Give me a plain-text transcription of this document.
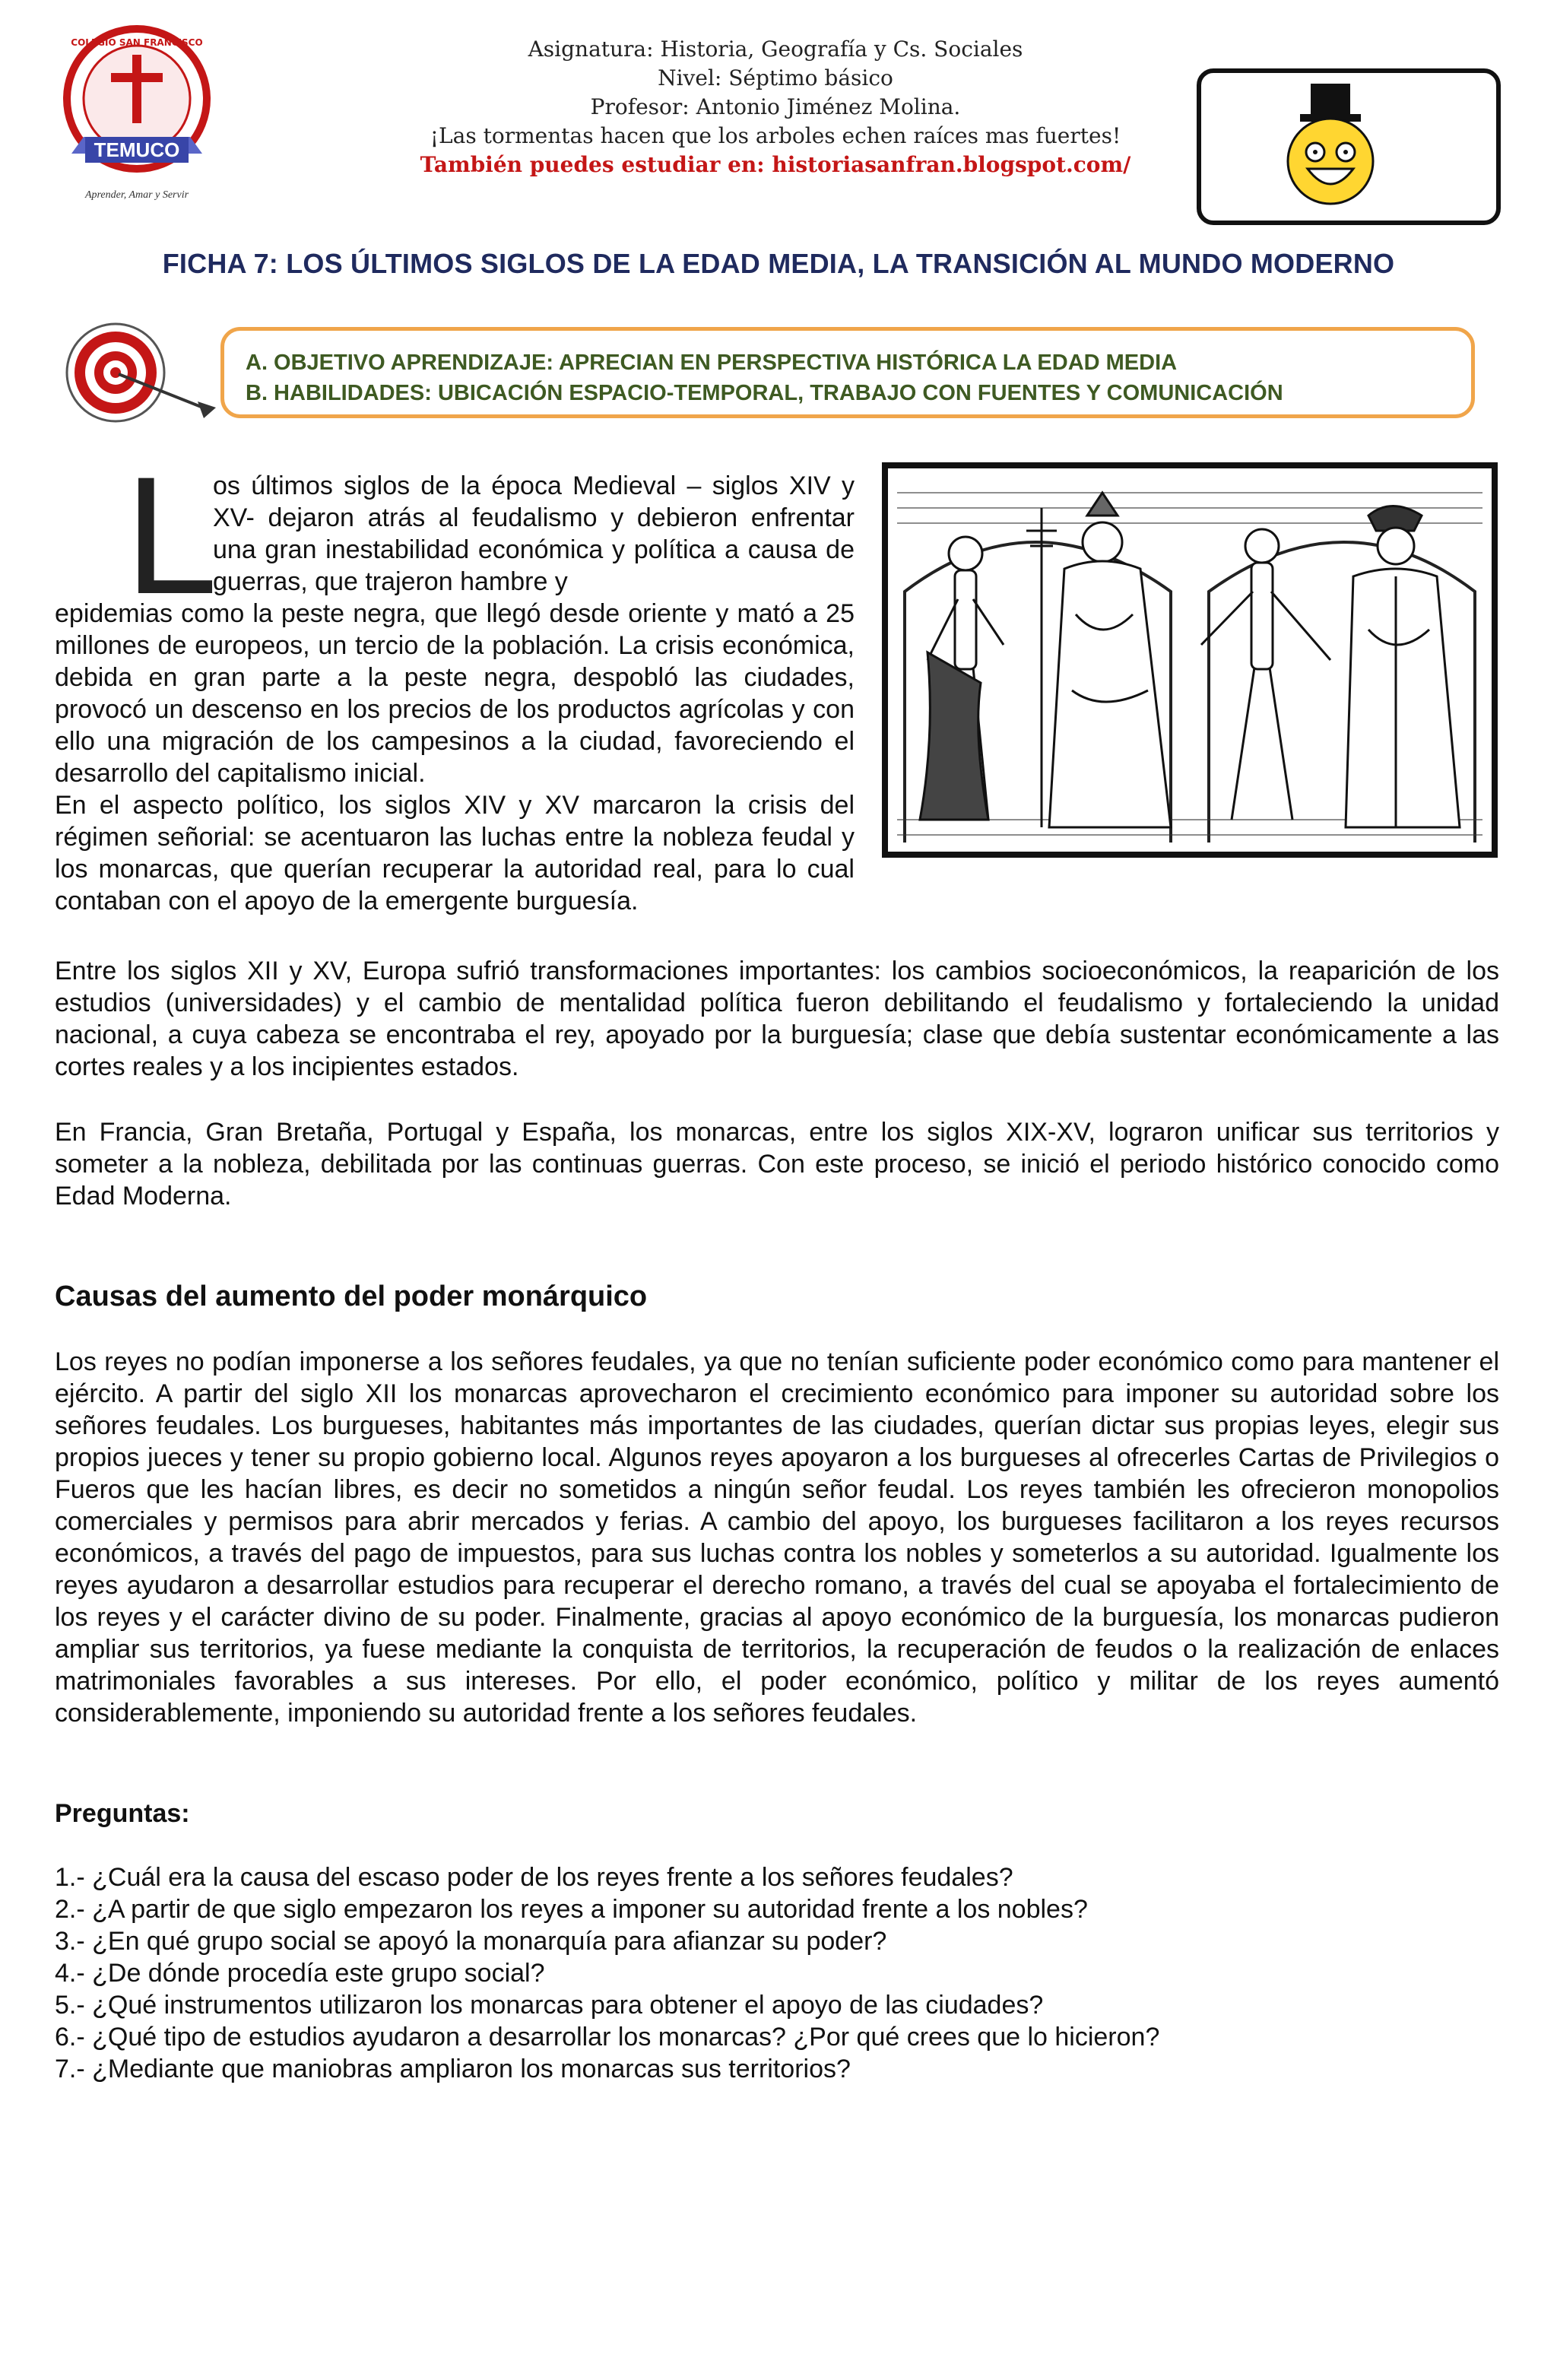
COLEGIO SAN FRANCISCO
TEMUCO
Aprender, Amar y Servir
Asignatura: Historia, Geografía y Cs. Sociales
Nivel: Séptimo básico
Profesor: Antonio Jiménez Molina.
¡Las tormentas hacen que los arboles echen raíces mas fuertes!
También puedes estudiar en: historiasanfran.blogspot.com/
FICHA 7: LOS ÚLTIMOS SIGLOS DE LA EDAD MEDIA, LA TRANSICIÓN AL MUNDO MODERNO
A. OBJETIVO APRENDIZAJE: APRECIAN EN PERSPECTIVA HISTÓRICA LA EDAD MEDIA
B. HABILIDADES: UBICACIÓN ESPACIO-TEMPORAL, TRABAJO CON FUENTES Y COMUNICACIÓN
L
os últimos siglos de la época Medieval – siglos XIV y XV- dejaron atrás al feudalismo y debieron enfrentar una gran inestabilidad económica y política a causa de guerras, que trajeron hambre y
epidemias como la peste negra, que llegó desde oriente y mató a 25 millones de europeos, un tercio de la población. La crisis económica, debida en gran parte a la peste negra, despobló las ciudades, provocó un descenso en los precios de los productos agrícolas y con ello una migración de los campesinos a la ciudad, favoreciendo el desarrollo del capitalismo inicial.
En el aspecto político, los siglos XIV y XV marcaron la crisis del régimen señorial: se acentuaron las luchas entre la nobleza feudal y los monarcas, que querían recuperar la autoridad real, para lo cual contaban con el apoyo de la emergente burguesía.
Entre los siglos XII y XV, Europa sufrió transformaciones importantes: los cambios socioeconómicos, la reaparición de los estudios (universidades) y el cambio de mentalidad política fueron debilitando el feudalismo y fortaleciendo la unidad nacional, a cuya cabeza se encontraba el rey, apoyado por la burguesía; clase que debía sustentar económicamente a las cortes reales y a los incipientes estados.
En Francia, Gran Bretaña, Portugal y España, los monarcas, entre los siglos XIX-XV, lograron unificar sus territorios y someter a la nobleza, debilitada por las continuas guerras. Con este proceso, se inició el periodo histórico conocido como Edad Moderna.
Causas del aumento del poder monárquico
Los reyes no podían imponerse a los señores feudales, ya que no tenían suficiente poder económico como para mantener el ejército. A partir del siglo XII los monarcas aprovecharon el crecimiento económico para imponer su autoridad sobre los señores feudales. Los burgueses, habitantes más importantes de las ciudades, querían dictar sus propias leyes, elegir sus propios jueces y tener su propio gobierno local. Algunos reyes apoyaron a los burgueses al ofrecerles Cartas de Privilegios o Fueros que les hacían libres, es decir no sometidos a ningún señor feudal. Los reyes también les ofrecieron monopolios comerciales y permisos para abrir mercados y ferias. A cambio del apoyo, los burgueses facilitaron a los reyes recursos económicos, a través del pago de impuestos, para sus luchas contra los nobles y someterlos a su autoridad. Igualmente los reyes ayudaron a desarrollar estudios para recuperar el derecho romano, a través del cual se apoyaba el fortalecimiento de los reyes y el carácter divino de su poder. Finalmente, gracias al apoyo económico de la burguesía, los monarcas pudieron ampliar sus territorios, ya fuese mediante la conquista de territorios, la recuperación de feudos o la realización de enlaces matrimoniales favorables a sus intereses. Por ello, el poder económico, político y militar de los reyes aumentó considerablemente, imponiendo su autoridad frente a los señores feudales.
Preguntas:
1.- ¿Cuál era la causa del escaso poder de los reyes frente a los señores feudales?
2.- ¿A partir de que siglo empezaron los reyes a imponer su autoridad frente a los nobles?
3.- ¿En qué grupo social se apoyó la monarquía para afianzar su poder?
4.- ¿De dónde procedía este grupo social?
5.- ¿Qué instrumentos utilizaron los monarcas para obtener el apoyo de las ciudades?
6.- ¿Qué tipo de estudios ayudaron a desarrollar los monarcas? ¿Por qué crees que lo hicieron?
7.- ¿Mediante que maniobras ampliaron los monarcas sus territorios?
